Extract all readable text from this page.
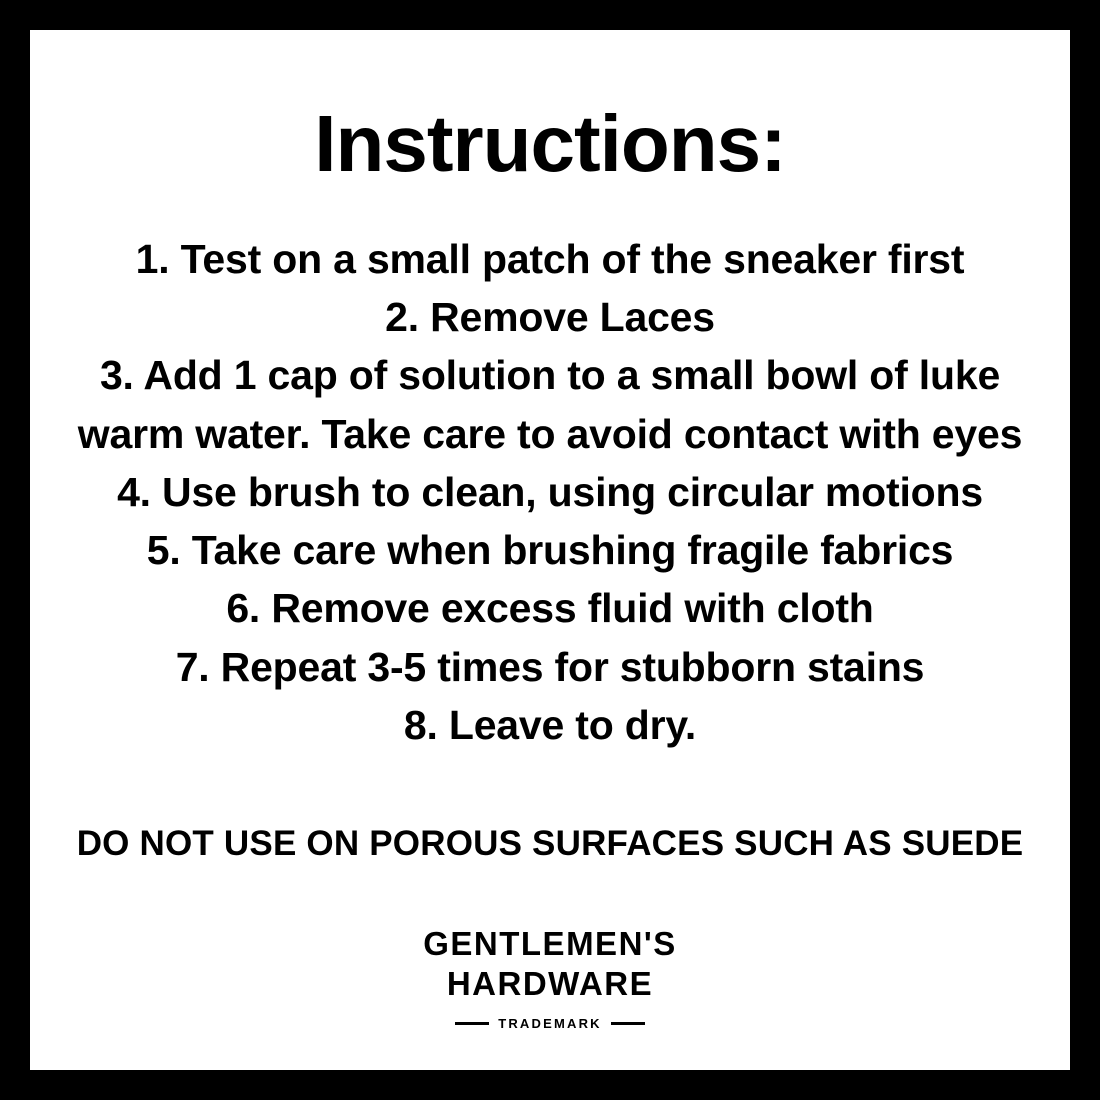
Instructions:
1. Test on a small patch of the sneaker first
2. Remove Laces
3. Add 1 cap of solution to a small bowl of luke warm water. Take care to avoid contact with eyes
4. Use brush to clean, using circular motions
5. Take care when brushing fragile fabrics
6. Remove excess fluid with cloth
7. Repeat 3-5 times for stubborn stains
8. Leave to dry.
DO NOT USE ON POROUS SURFACES SUCH AS SUEDE
GENTLEMEN'S
HARDWARE
TRADEMARK
